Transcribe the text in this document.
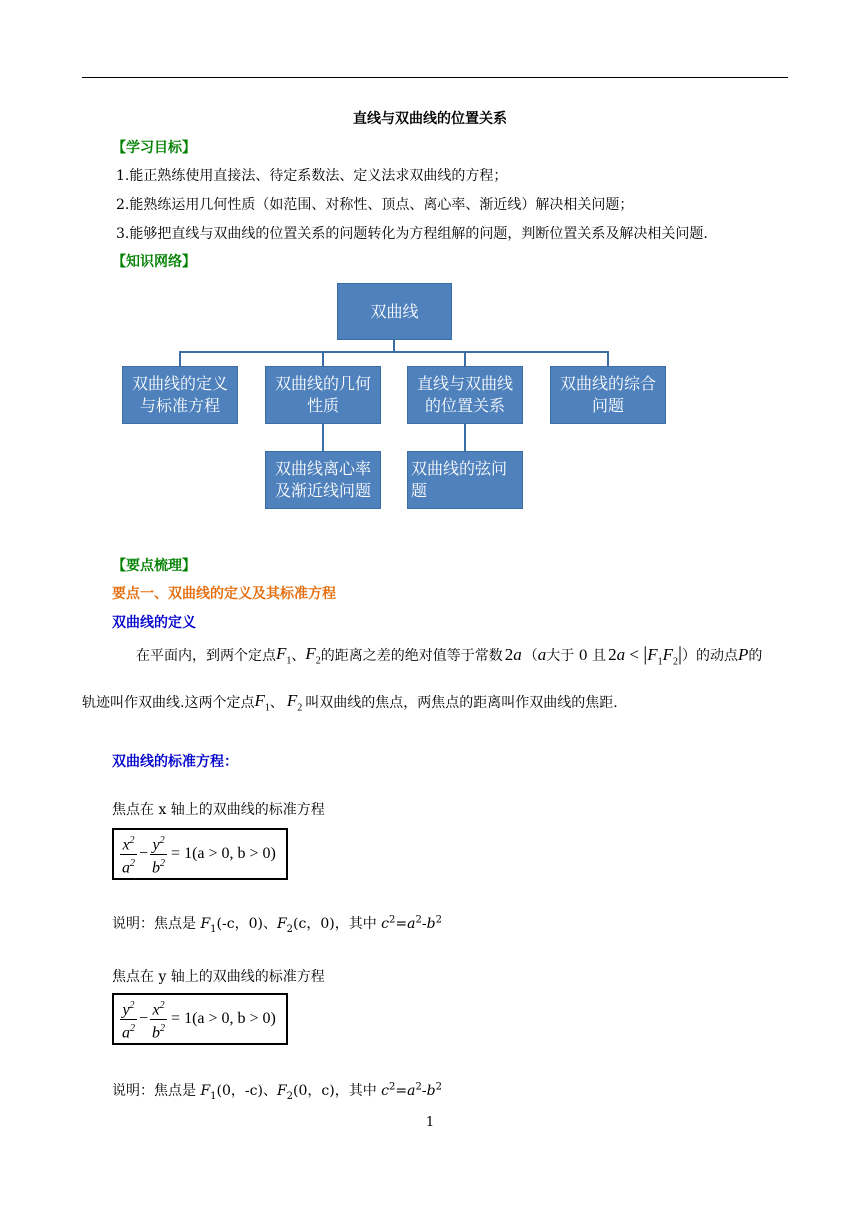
直线与双曲线的位置关系
【学习目标】
1.能正熟练使用直接法、待定系数法、定义法求双曲线的方程；
2.能熟练运用几何性质（如范围、对称性、顶点、离心率、渐近线）解决相关问题；
3.能够把直线与双曲线的位置关系的问题转化为方程组解的问题，判断位置关系及解决相关问题.
【知识网络】
双曲线
双曲线的定义与标准方程
双曲线的几何性质
直线与双曲线的位置关系
双曲线的综合问题
双曲线离心率及渐近线问题
双曲线的弦问题
【要点梳理】
要点一、双曲线的定义及其标准方程
双曲线的定义
在平面内，到两个定点 $F_1$ 、 $F_2$ 的距离之差的绝对值等于常数 2a （ a 大于 0 且 $2a < |F_1F_2|$ ）的动点 P 的
轨迹叫作双曲线.这两个定点 $F_1$ 、 $F_2$ 叫双曲线的焦点，两焦点的距离叫作双曲线的焦距.
双曲线的标准方程：
焦点在 x 轴上的双曲线的标准方程
$\frac{x^2}{a^2} - \frac{y^2}{b^2} = 1(a > 0$, b > 0)
说明：焦点是 $F_1(-c$，0)、$F_2(c$，0)，其中 $c^2=a^2-b^2$
焦点在 y 轴上的双曲线的标准方程
$\frac{y^2}{a^2} - \frac{x^2}{b^2} = 1(a > 0$, b > 0)
说明：焦点是 $F_1(0$，-c)、$F_2(0$，c)，其中 $c^2=a^2-b^2$
1
